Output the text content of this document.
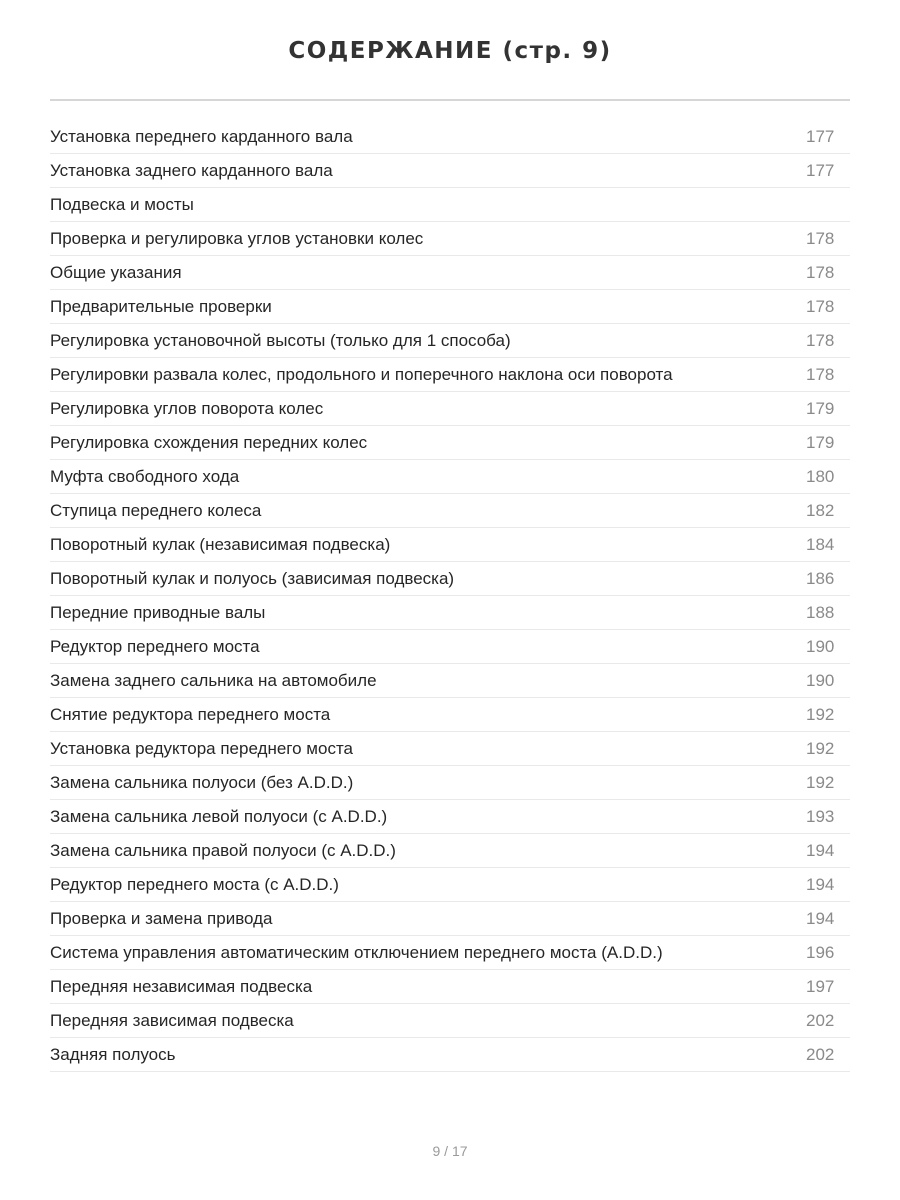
СОДЕРЖАНИЕ (стр. 9)
Установка переднего карданного вала	177
Установка заднего карданного вала	177
Подвеска и мосты
Проверка и регулировка углов установки колес	178
Общие указания	178
Предварительные проверки	178
Регулировка установочной высоты (только для 1 способа)	178
Регулировки развала колес, продольного и поперечного наклона оси поворота	178
Регулировка углов поворота колес	179
Регулировка схождения передних колес	179
Муфта свободного хода	180
Ступица переднего колеса	182
Поворотный кулак (независимая подвеска)	184
Поворотный кулак и полуось (зависимая подвеска)	186
Передние приводные валы	188
Редуктор переднего моста	190
Замена заднего сальника на автомобиле	190
Снятие редуктора переднего моста	192
Установка редуктора переднего моста	192
Замена сальника полуоси (без A.D.D.)	192
Замена сальника левой полуоси (с A.D.D.)	193
Замена сальника правой полуоси (с A.D.D.)	194
Редуктор переднего моста (с A.D.D.)	194
Проверка и замена привода	194
Система управления автоматическим отключением переднего моста (A.D.D.)	196
Передняя независимая подвеска	197
Передняя зависимая подвеска	202
Задняя полуось	202
9 / 17
